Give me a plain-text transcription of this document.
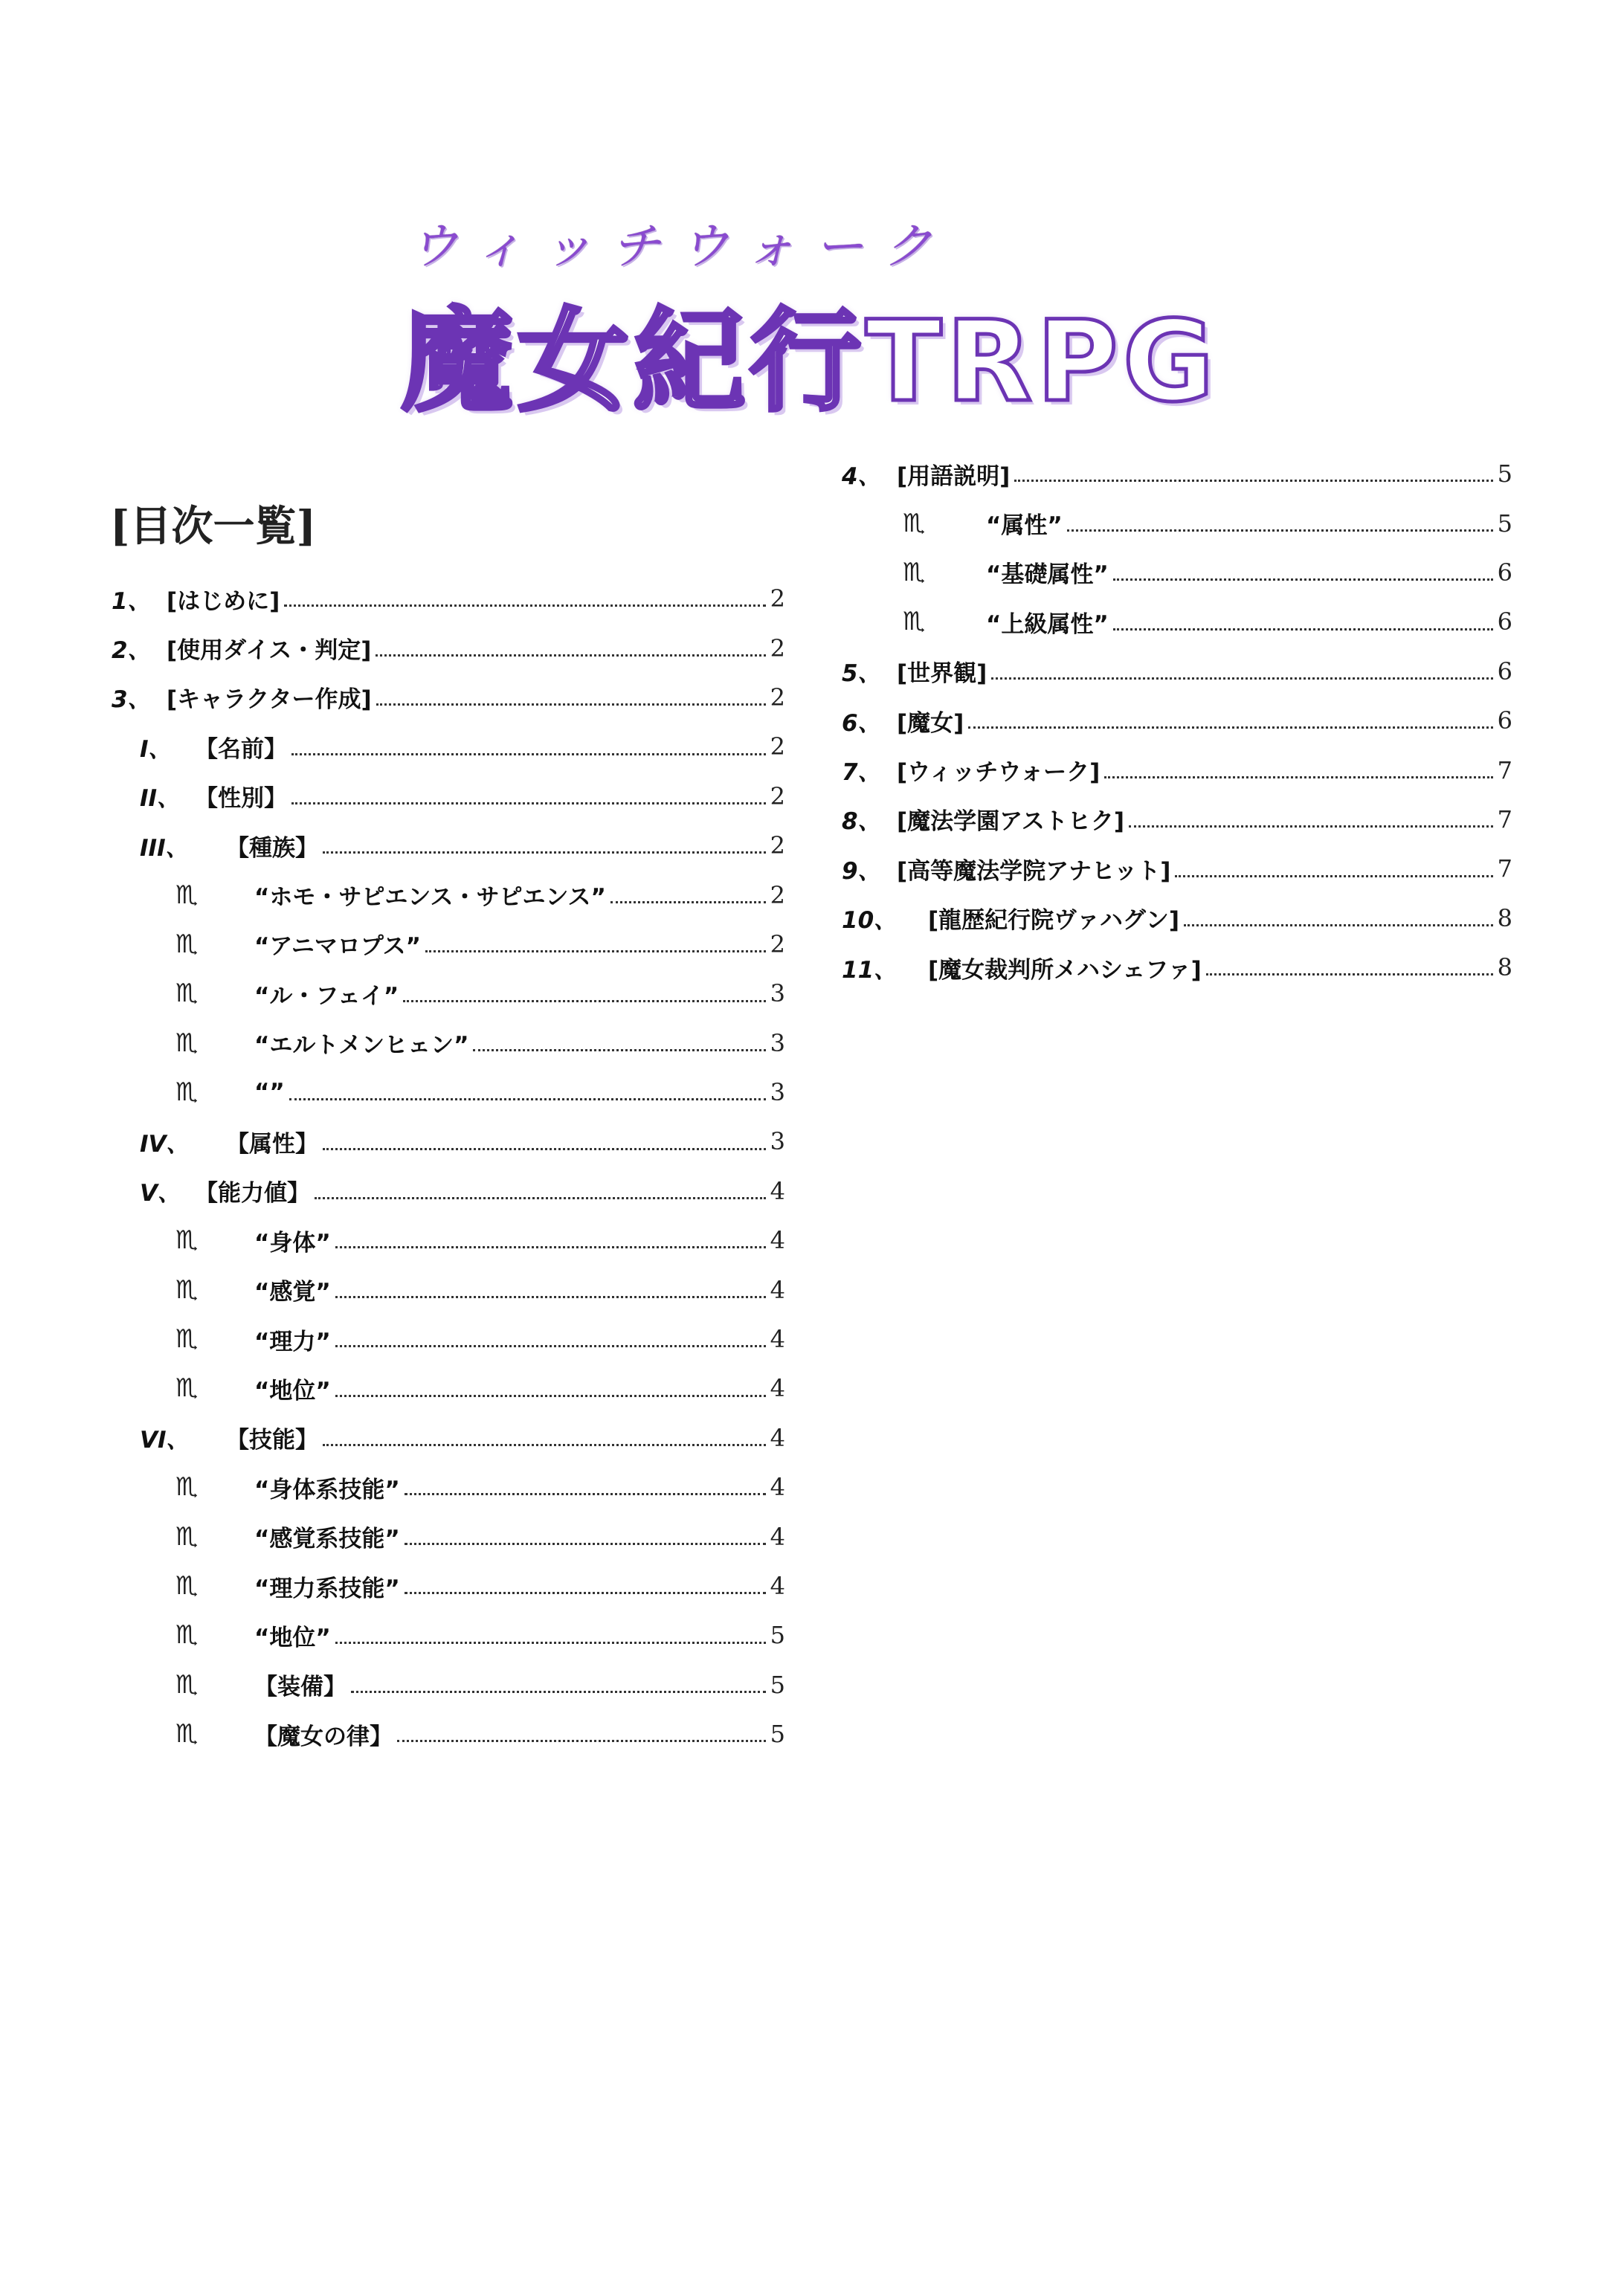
ウィッチウォーク
魔女紀行TRPG
[目次一覧]
1、 [はじめに]	2
2、 [使用ダイス・判定]	2
3、 [キャラクター作成]	2
I、	【名前】	2
II、 【性別】	2
III、	【種族】	2
♏	“ホモ・サピエンス・サピエンス”	2
♏	“アニマロプス”	2
♏	“ル・フェイ”	3
♏	“エルトメンヒェン”	3
♏	“”	3
IV、	【属性】	3
V、 【能力値】	4
♏	“身体”	4
♏	“感覚”	4
♏	“理力”	4
♏	“地位”	4
VI、	【技能】	4
♏	“身体系技能”	4
♏	“感覚系技能”	4
♏	“理力系技能”	4
♏	“地位”	5
♏	【装備】	5
♏	【魔女の律】	5
4、 [用語説明]	5
♏	“属性”	5
♏	“基礎属性”	6
♏	“上級属性”	6
5、 [世界観]	6
6、 [魔女]	6
7、 [ウィッチウォーク]	7
8、 [魔法学園アストヒク]	7
9、 [高等魔法学院アナヒット]	7
10、	[龍歴紀行院ヴァハグン]	8
11、	[魔女裁判所メハシェファ]	8
